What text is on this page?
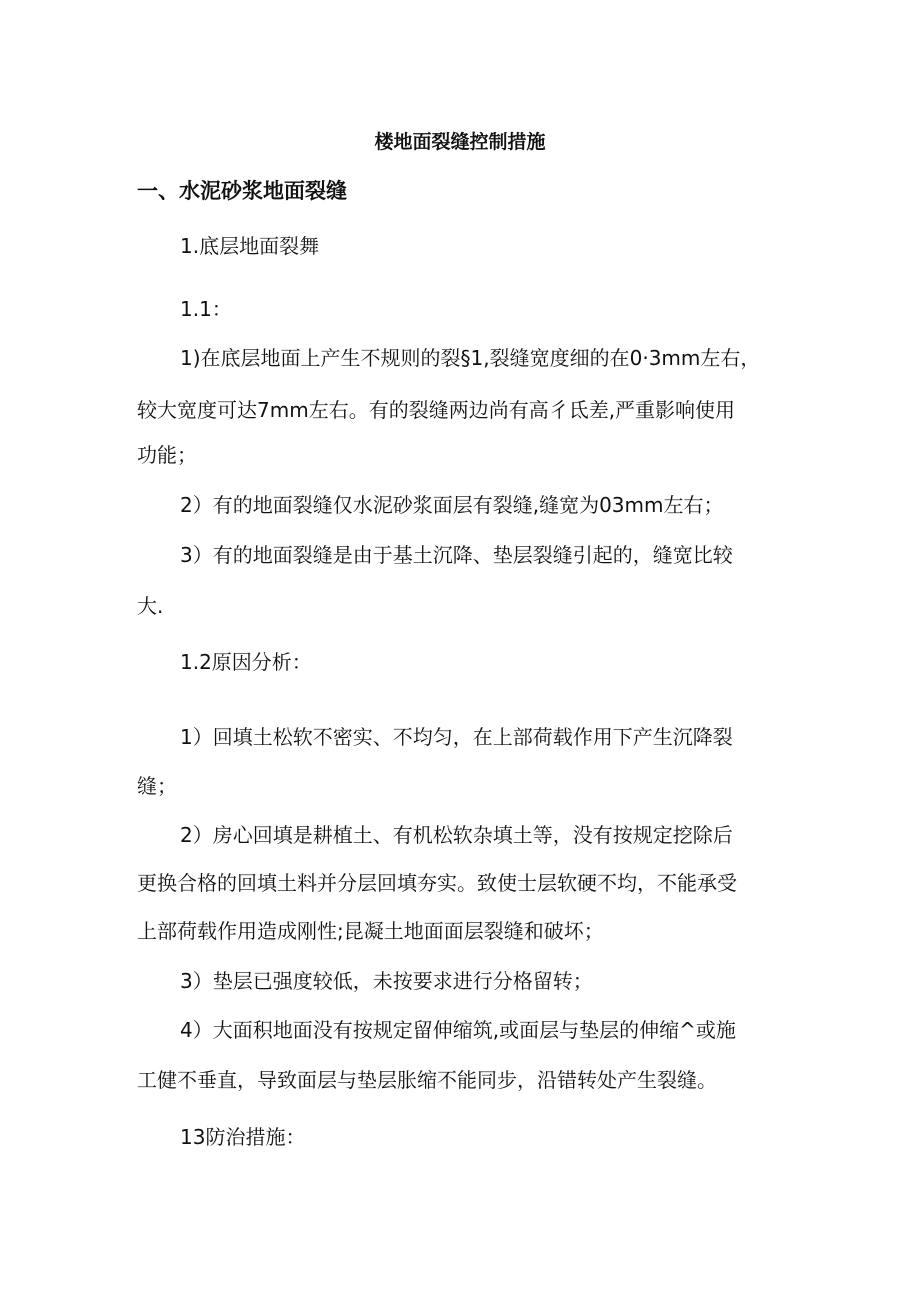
楼地面裂缝控制措施
一、水泥砂浆地面裂缝
1.底层地面裂舞
1.1：
1)在底层地面上产生不规则的裂§1,裂缝宽度细的在0·3mm左右，
较大宽度可达7mm左右。有的裂缝两边尚有高彳氐差,严重影响使用
功能；
2）有的地面裂缝仅水泥砂浆面层有裂缝,缝宽为03mm左右；
3）有的地面裂缝是由于基土沉降、垫层裂缝引起的，缝宽比较
大.
1.2原因分析：
1）回填土松软不密实、不均匀，在上部荷载作用下产生沉降裂
缝；
2）房心回填是耕植土、有机松软杂填土等，没有按规定挖除后
更换合格的回填土料并分层回填夯实。致使士层软硬不均，不能承受
上部荷载作用造成刚性;昆凝土地面面层裂缝和破坏；
3）垫层已强度较低，未按要求进行分格留转；
4）大面积地面没有按规定留伸缩筑,或面层与垫层的伸缩^或施
工健不垂直，导致面层与垫层胀缩不能同步，沿错转处产生裂缝。
13防治措施：
